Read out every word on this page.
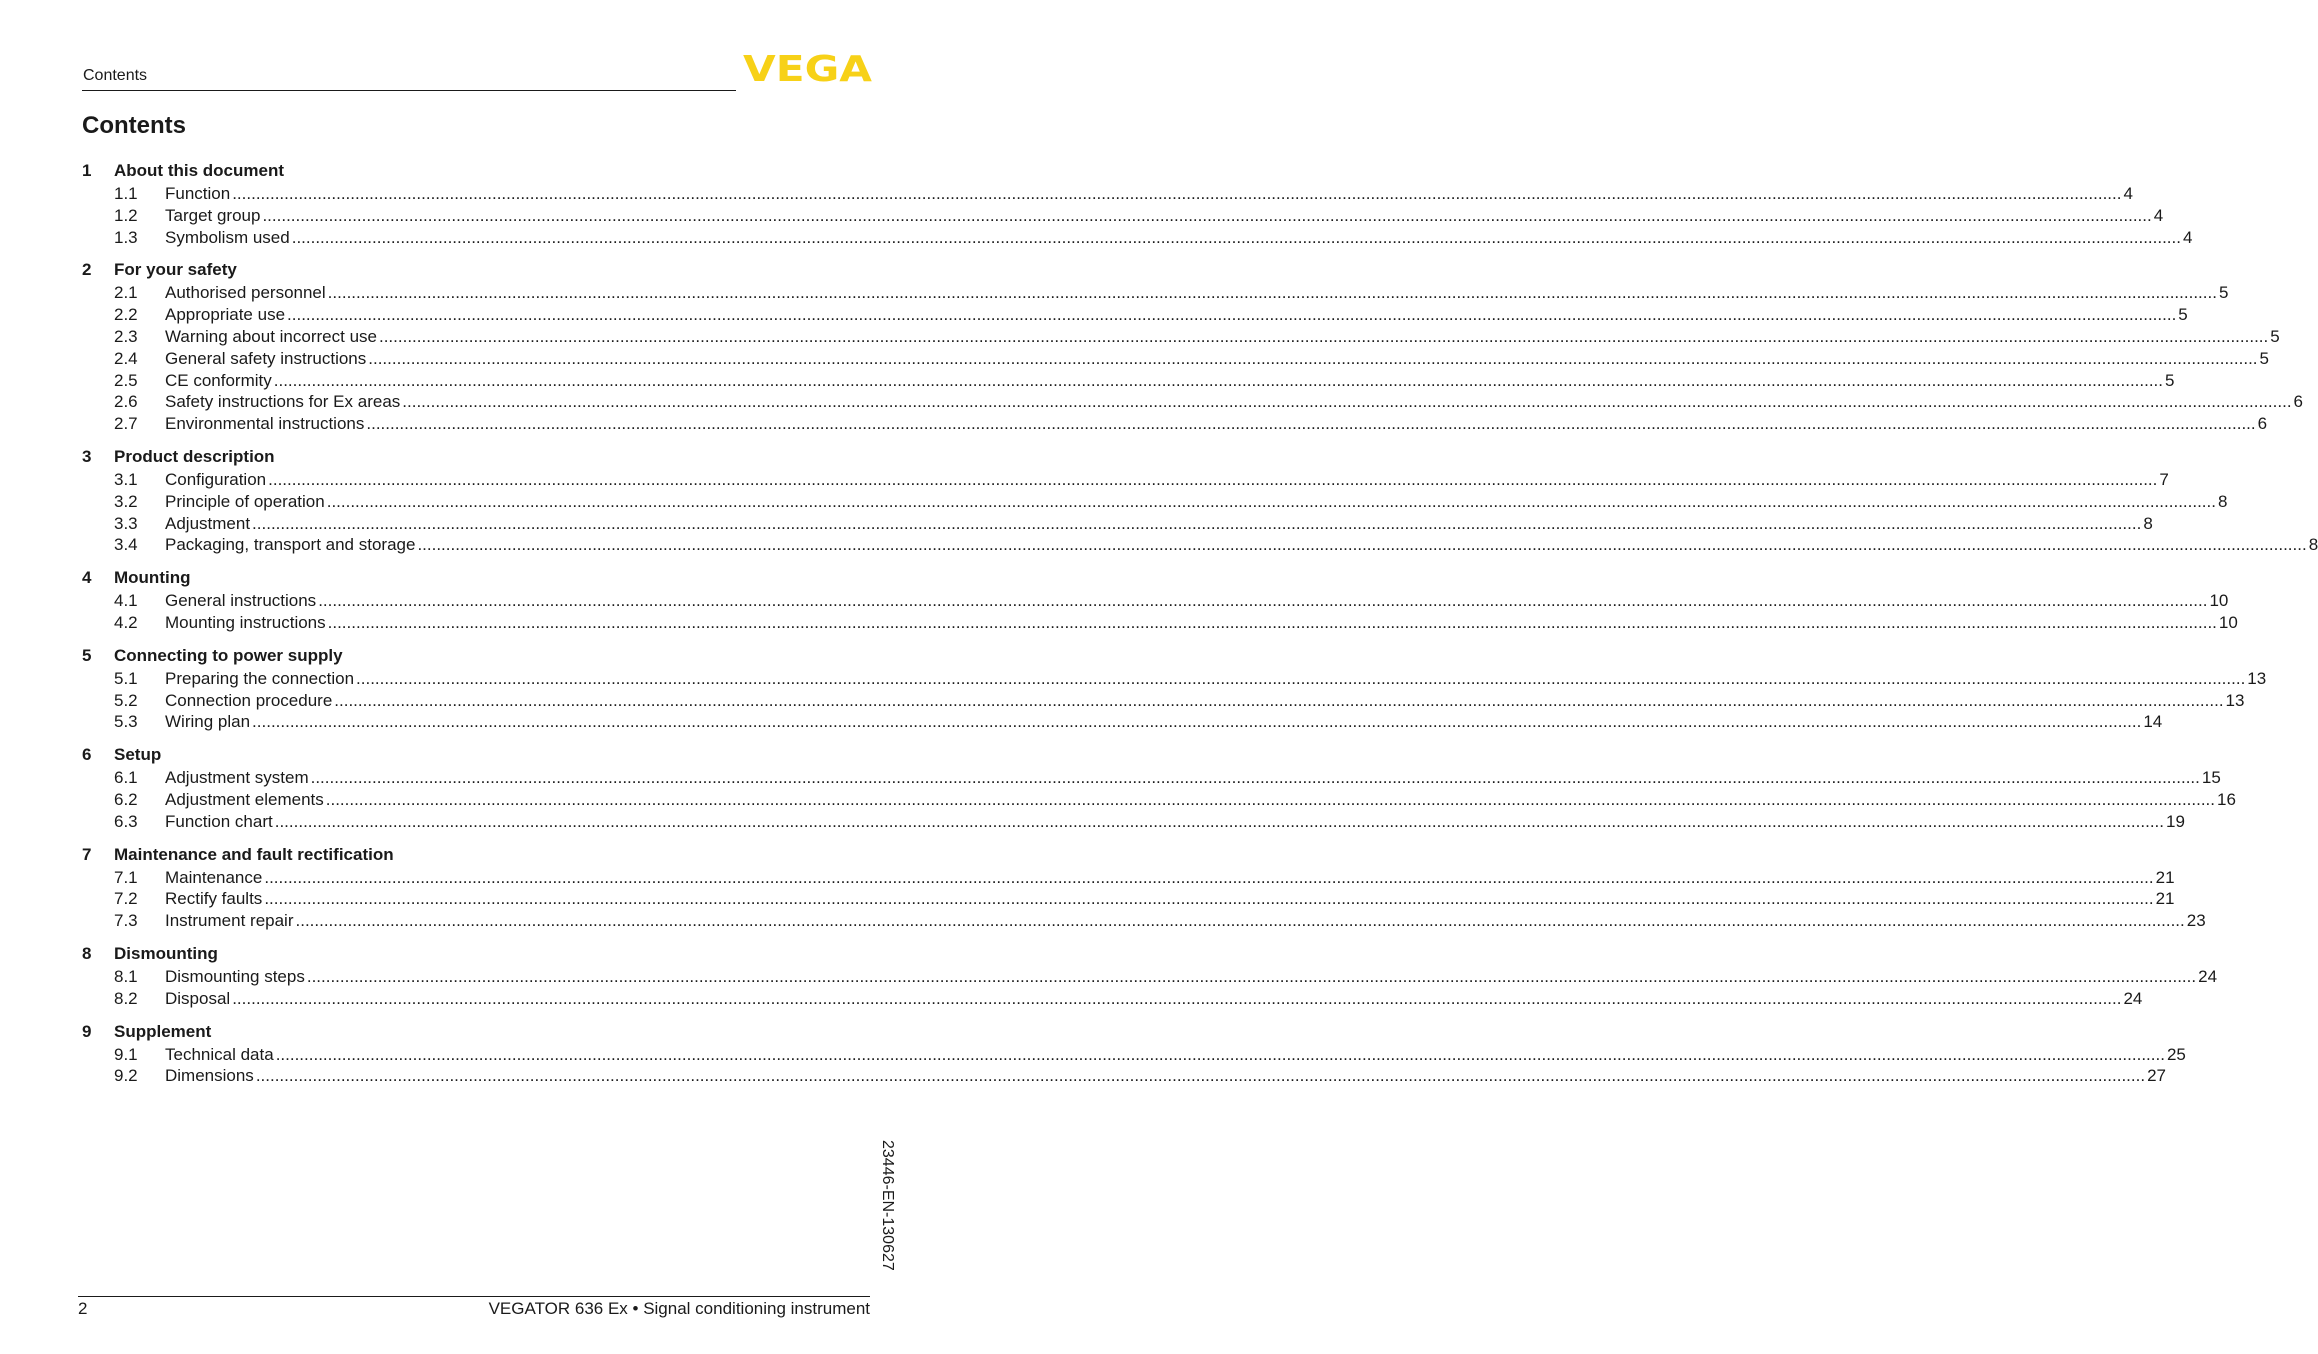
Contents	VEGA
Contents
1	About this document
1.1	Function ................................................................................................................................................................................................................................................................................................................................................................................................................ 4
1.2	Target group ................................................................................................................................................................................................................................................................................................................................................................................................................ 4
1.3	Symbolism used ................................................................................................................................................................................................................................................................................................................................................................................................................ 4
2	For your safety
2.1	Authorised personnel ................................................................................................................................................................................................................................................................................................................................................................................................................ 5
2.2	Appropriate use ................................................................................................................................................................................................................................................................................................................................................................................................................ 5
2.3	Warning about incorrect use ................................................................................................................................................................................................................................................................................................................................................................................................................ 5
2.4	General safety instructions ................................................................................................................................................................................................................................................................................................................................................................................................................ 5
2.5	CE conformity ................................................................................................................................................................................................................................................................................................................................................................................................................ 5
2.6	Safety instructions for Ex areas ................................................................................................................................................................................................................................................................................................................................................................................................................ 6
2.7	Environmental instructions ................................................................................................................................................................................................................................................................................................................................................................................................................ 6
3	Product description
3.1	Configuration ................................................................................................................................................................................................................................................................................................................................................................................................................ 7
3.2	Principle of operation ................................................................................................................................................................................................................................................................................................................................................................................................................ 8
3.3	Adjustment ................................................................................................................................................................................................................................................................................................................................................................................................................ 8
3.4	Packaging, transport and storage ................................................................................................................................................................................................................................................................................................................................................................................................................ 8
4	Mounting
4.1	General instructions ................................................................................................................................................................................................................................................................................................................................................................................................................ 10
4.2	Mounting instructions ................................................................................................................................................................................................................................................................................................................................................................................................................ 10
5	Connecting to power supply
5.1	Preparing the connection ................................................................................................................................................................................................................................................................................................................................................................................................................ 13
5.2	Connection procedure ................................................................................................................................................................................................................................................................................................................................................................................................................ 13
5.3	Wiring plan ................................................................................................................................................................................................................................................................................................................................................................................................................ 14
6	Setup
6.1	Adjustment system ................................................................................................................................................................................................................................................................................................................................................................................................................ 15
6.2	Adjustment elements ................................................................................................................................................................................................................................................................................................................................................................................................................ 16
6.3	Function chart ................................................................................................................................................................................................................................................................................................................................................................................................................ 19
7	Maintenance and fault rectification
7.1	Maintenance ................................................................................................................................................................................................................................................................................................................................................................................................................ 21
7.2	Rectify faults ................................................................................................................................................................................................................................................................................................................................................................................................................ 21
7.3	Instrument repair ................................................................................................................................................................................................................................................................................................................................................................................................................ 23
8	Dismounting
8.1	Dismounting steps ................................................................................................................................................................................................................................................................................................................................................................................................................ 24
8.2	Disposal ................................................................................................................................................................................................................................................................................................................................................................................................................ 24
9	Supplement
9.1	Technical data ................................................................................................................................................................................................................................................................................................................................................................................................................ 25
9.2	Dimensions ................................................................................................................................................................................................................................................................................................................................................................................................................ 27
23446-EN-130627
2	VEGATOR 636 Ex • Signal conditioning instrument
